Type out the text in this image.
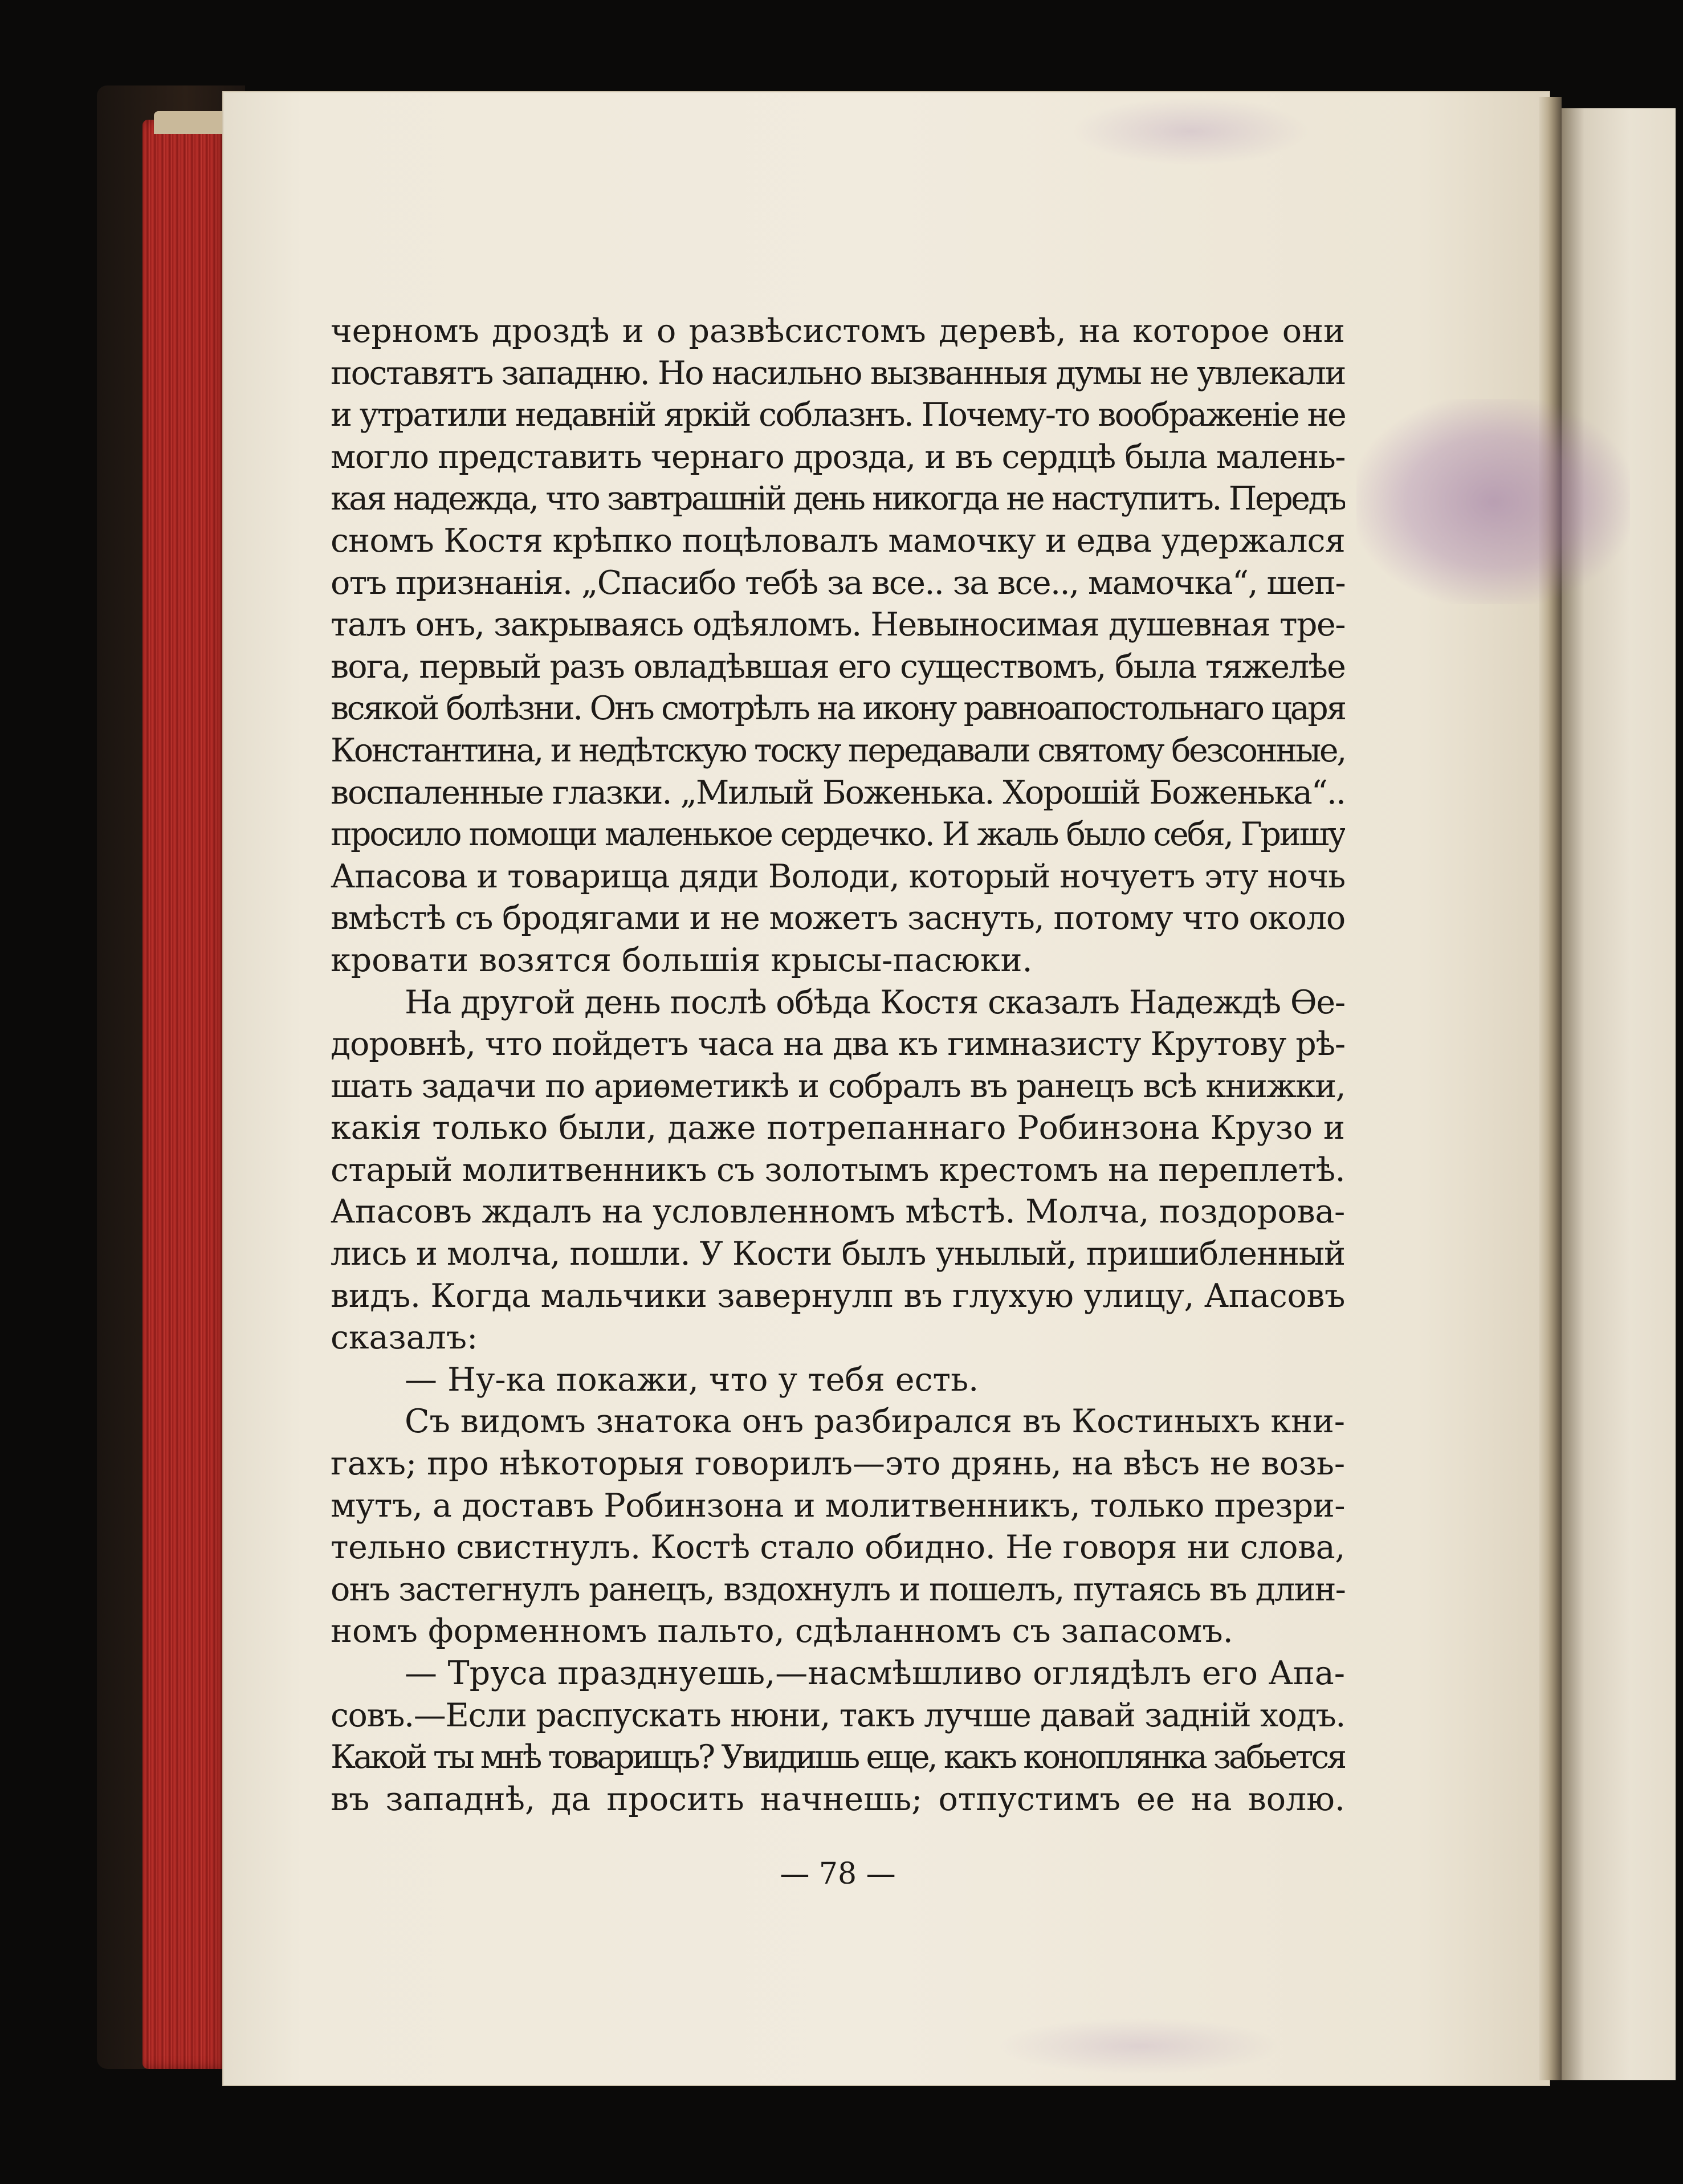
черномъ дроздѣ и о развѣсистомъ деревѣ, на которое они
поставятъ западню. Но насильно вызванныя думы не увлекали
и утратили недавній яркій соблазнъ. Почему-то воображеніе не
могло представить чернаго дрозда, и въ сердцѣ была малень-
кая надежда, что завтрашній день никогда не наступитъ. Передъ
сномъ Костя крѣпко поцѣловалъ мамочку и едва удержался
отъ признанія. „Спасибо тебѣ за все.. за все.., мамочка“, шеп-
талъ онъ, закрываясь одѣяломъ. Невыносимая душевная тре-
вога, первый разъ овладѣвшая его существомъ, была тяжелѣе
всякой болѣзни. Онъ смотрѣлъ на икону равноапостольнаго царя
Константина, и недѣтскую тоску передавали святому безсонные,
воспаленные глазки. „Милый Боженька. Хорошій Боженька“..
просило помощи маленькое сердечко. И жаль было себя, Гришу
Апасова и товарища дяди Володи, который ночуетъ эту ночь
вмѣстѣ съ бродягами и не можетъ заснуть, потому что около
кровати возятся большія крысы-пасюки.
На другой день послѣ обѣда Костя сказалъ Надеждѣ Ѳе-
доровнѣ, что пойдетъ часа на два къ гимназисту Крутову рѣ-
шать задачи по ариѳметикѣ и собралъ въ ранецъ всѣ книжки,
какія только были, даже потрепаннаго Робинзона Крузо и
старый молитвенникъ съ золотымъ крестомъ на переплетѣ.
Апасовъ ждалъ на условленномъ мѣстѣ. Молча, поздорова-
лись и молча, пошли. У Кости былъ унылый, пришибленный
видъ. Когда мальчики завернулп въ глухую улицу, Апасовъ
сказалъ:
— Ну-ка покажи, что у тебя есть.
Съ видомъ знатока онъ разбирался въ Костиныхъ кни-
гахъ; про нѣкоторыя говорилъ—это дрянь, на вѣсъ не возь-
мутъ, а доставъ Робинзона и молитвенникъ, только презри-
тельно свистнулъ. Костѣ стало обидно. Не говоря ни слова,
онъ застегнулъ ранецъ, вздохнулъ и пошелъ, путаясь въ длин-
номъ форменномъ пальто, сдѣланномъ съ запасомъ.
— Труса празднуешь,—насмѣшливо оглядѣлъ его Апа-
совъ.—Если распускать нюни, такъ лучше давай задній ходъ.
Какой ты мнѣ товарищъ? Увидишь еще, какъ коноплянка забьется
въ западнѣ, да просить начнешь; отпустимъ ее на волю.
— 78 —
